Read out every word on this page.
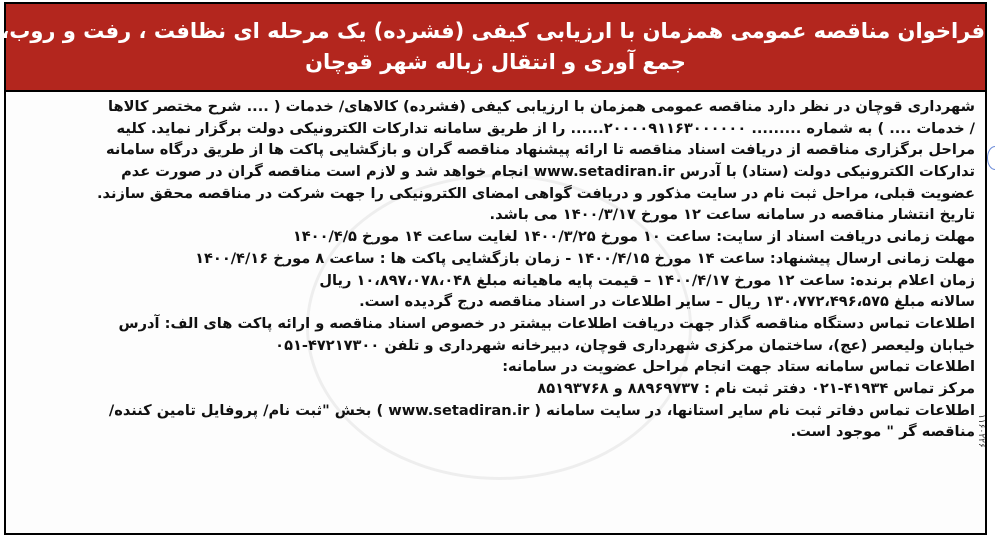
فراخوان مناقصه عمومی همزمان با ارزیابی کیفی (فشرده) یک مرحله ای نظافت ، رفت و روب،
جمع آوری و انتقال زباله شهر قوچان
شهرداری قوچان در نظر دارد مناقصه عمومی همزمان با ارزیابی کیفی (فشرده) کالاهای/ خدمات ( .... شرح مختصر کالاها
/ خدمات .... ) به شماره ......... ۲۰۰۰۰۹۱۱۶۳۰۰۰۰۰۰...... را از طریق سامانه تدارکات الکترونیکی دولت برگزار نماید. کلیه
مراحل برگزاری مناقصه از دریافت اسناد مناقصه تا ارائه پیشنهاد مناقصه گران و بازگشایی پاکت ها از طریق درگاه سامانه
تدارکات الکترونیکی دولت (ستاد) با آدرس www.setadiran.ir انجام خواهد شد و لازم است مناقصه گران در صورت عدم
عضویت قبلی، مراحل ثبت نام در سایت مذکور و دریافت گواهی امضای الکترونیکی را جهت شرکت در مناقصه محقق سازند.
تاریخ انتشار مناقصه در سامانه ساعت ۱۲ مورخ ۱۴۰۰/۳/۱۷ می باشد.
مهلت زمانی دریافت اسناد از سایت: ساعت ۱۰ مورخ ۱۴۰۰/۳/۲۵ لغایت ساعت ۱۴ مورخ ۱۴۰۰/۴/۵
مهلت زمانی ارسال پیشنهاد: ساعت ۱۴ مورخ ۱۴۰۰/۴/۱۵ - زمان بازگشایی پاکت ها : ساعت ۸ مورخ ۱۴۰۰/۴/۱۶
زمان اعلام برنده: ساعت ۱۲ مورخ ۱۴۰۰/۴/۱۷ – قیمت پایه ماهیانه مبلغ ۱۰،۸۹۷،۰۷۸،۰۴۸ ریال
سالانه مبلغ ۱۳۰،۷۷۲،۴۹۶،۵۷۵ ریال – سایر اطلاعات در اسناد مناقصه درج گردیده است.
اطلاعات تماس دستگاه مناقصه گذار جهت دریافت اطلاعات بیشتر در خصوص اسناد مناقصه و ارائه پاکت های الف: آدرس
خیابان ولیعصر (عج)، ساختمان مرکزی شهرداری قوچان، دبیرخانه شهرداری و تلفن ۴۷۲۱۷۳۰۰-۰۵۱
اطلاعات تماس سامانه ستاد جهت انجام مراحل عضویت در سامانه:
مرکز تماس ۴۱۹۳۴-۰۲۱ دفتر ثبت نام : ۸۸۹۶۹۷۳۷ و ۸۵۱۹۳۷۶۸
اطلاعات تماس دفاتر ثبت نام سایر استانها، در سایت سامانه ( www.setadiran.ir ) بخش "ثبت نام/ پروفایل تامین کننده/
مناقصه گر " موجود است. ۱۱۶۰۲۲۶
